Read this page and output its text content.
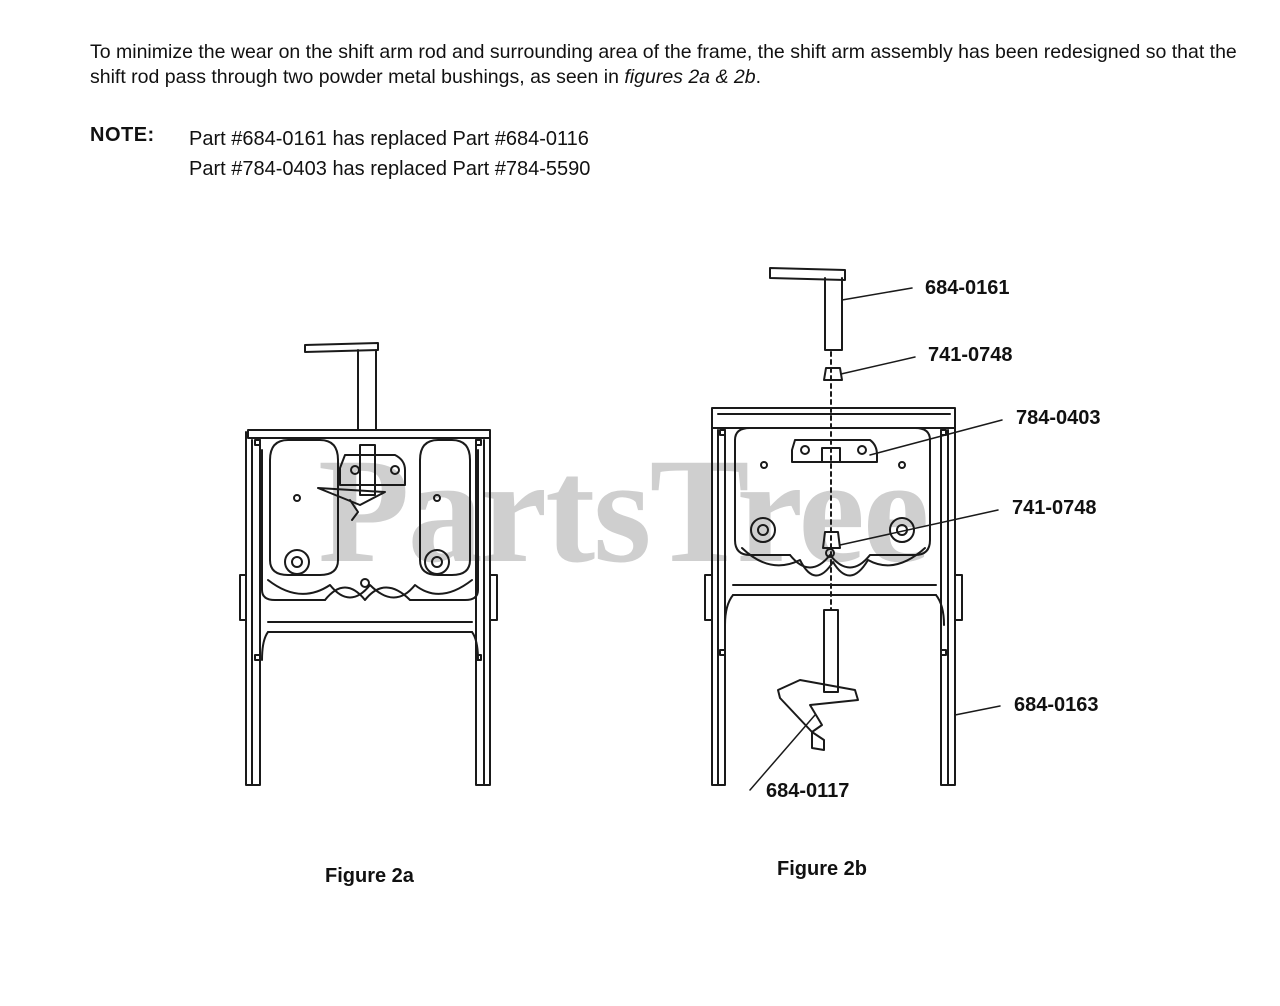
To minimize the wear on the shift arm rod and surrounding area of the frame, the shift arm assembly has been redesigned so that the shift rod pass through two powder metal bushings, as seen in figures 2a & 2b.

NOTE: Part #684-0161 has replaced Part #684-0116
Part #784-0403 has replaced Part #784-5590
PartsTree
684-0161
741-0748
784-0403
741-0748
684-0163
684-0117
Figure 2a	Figure 2b
